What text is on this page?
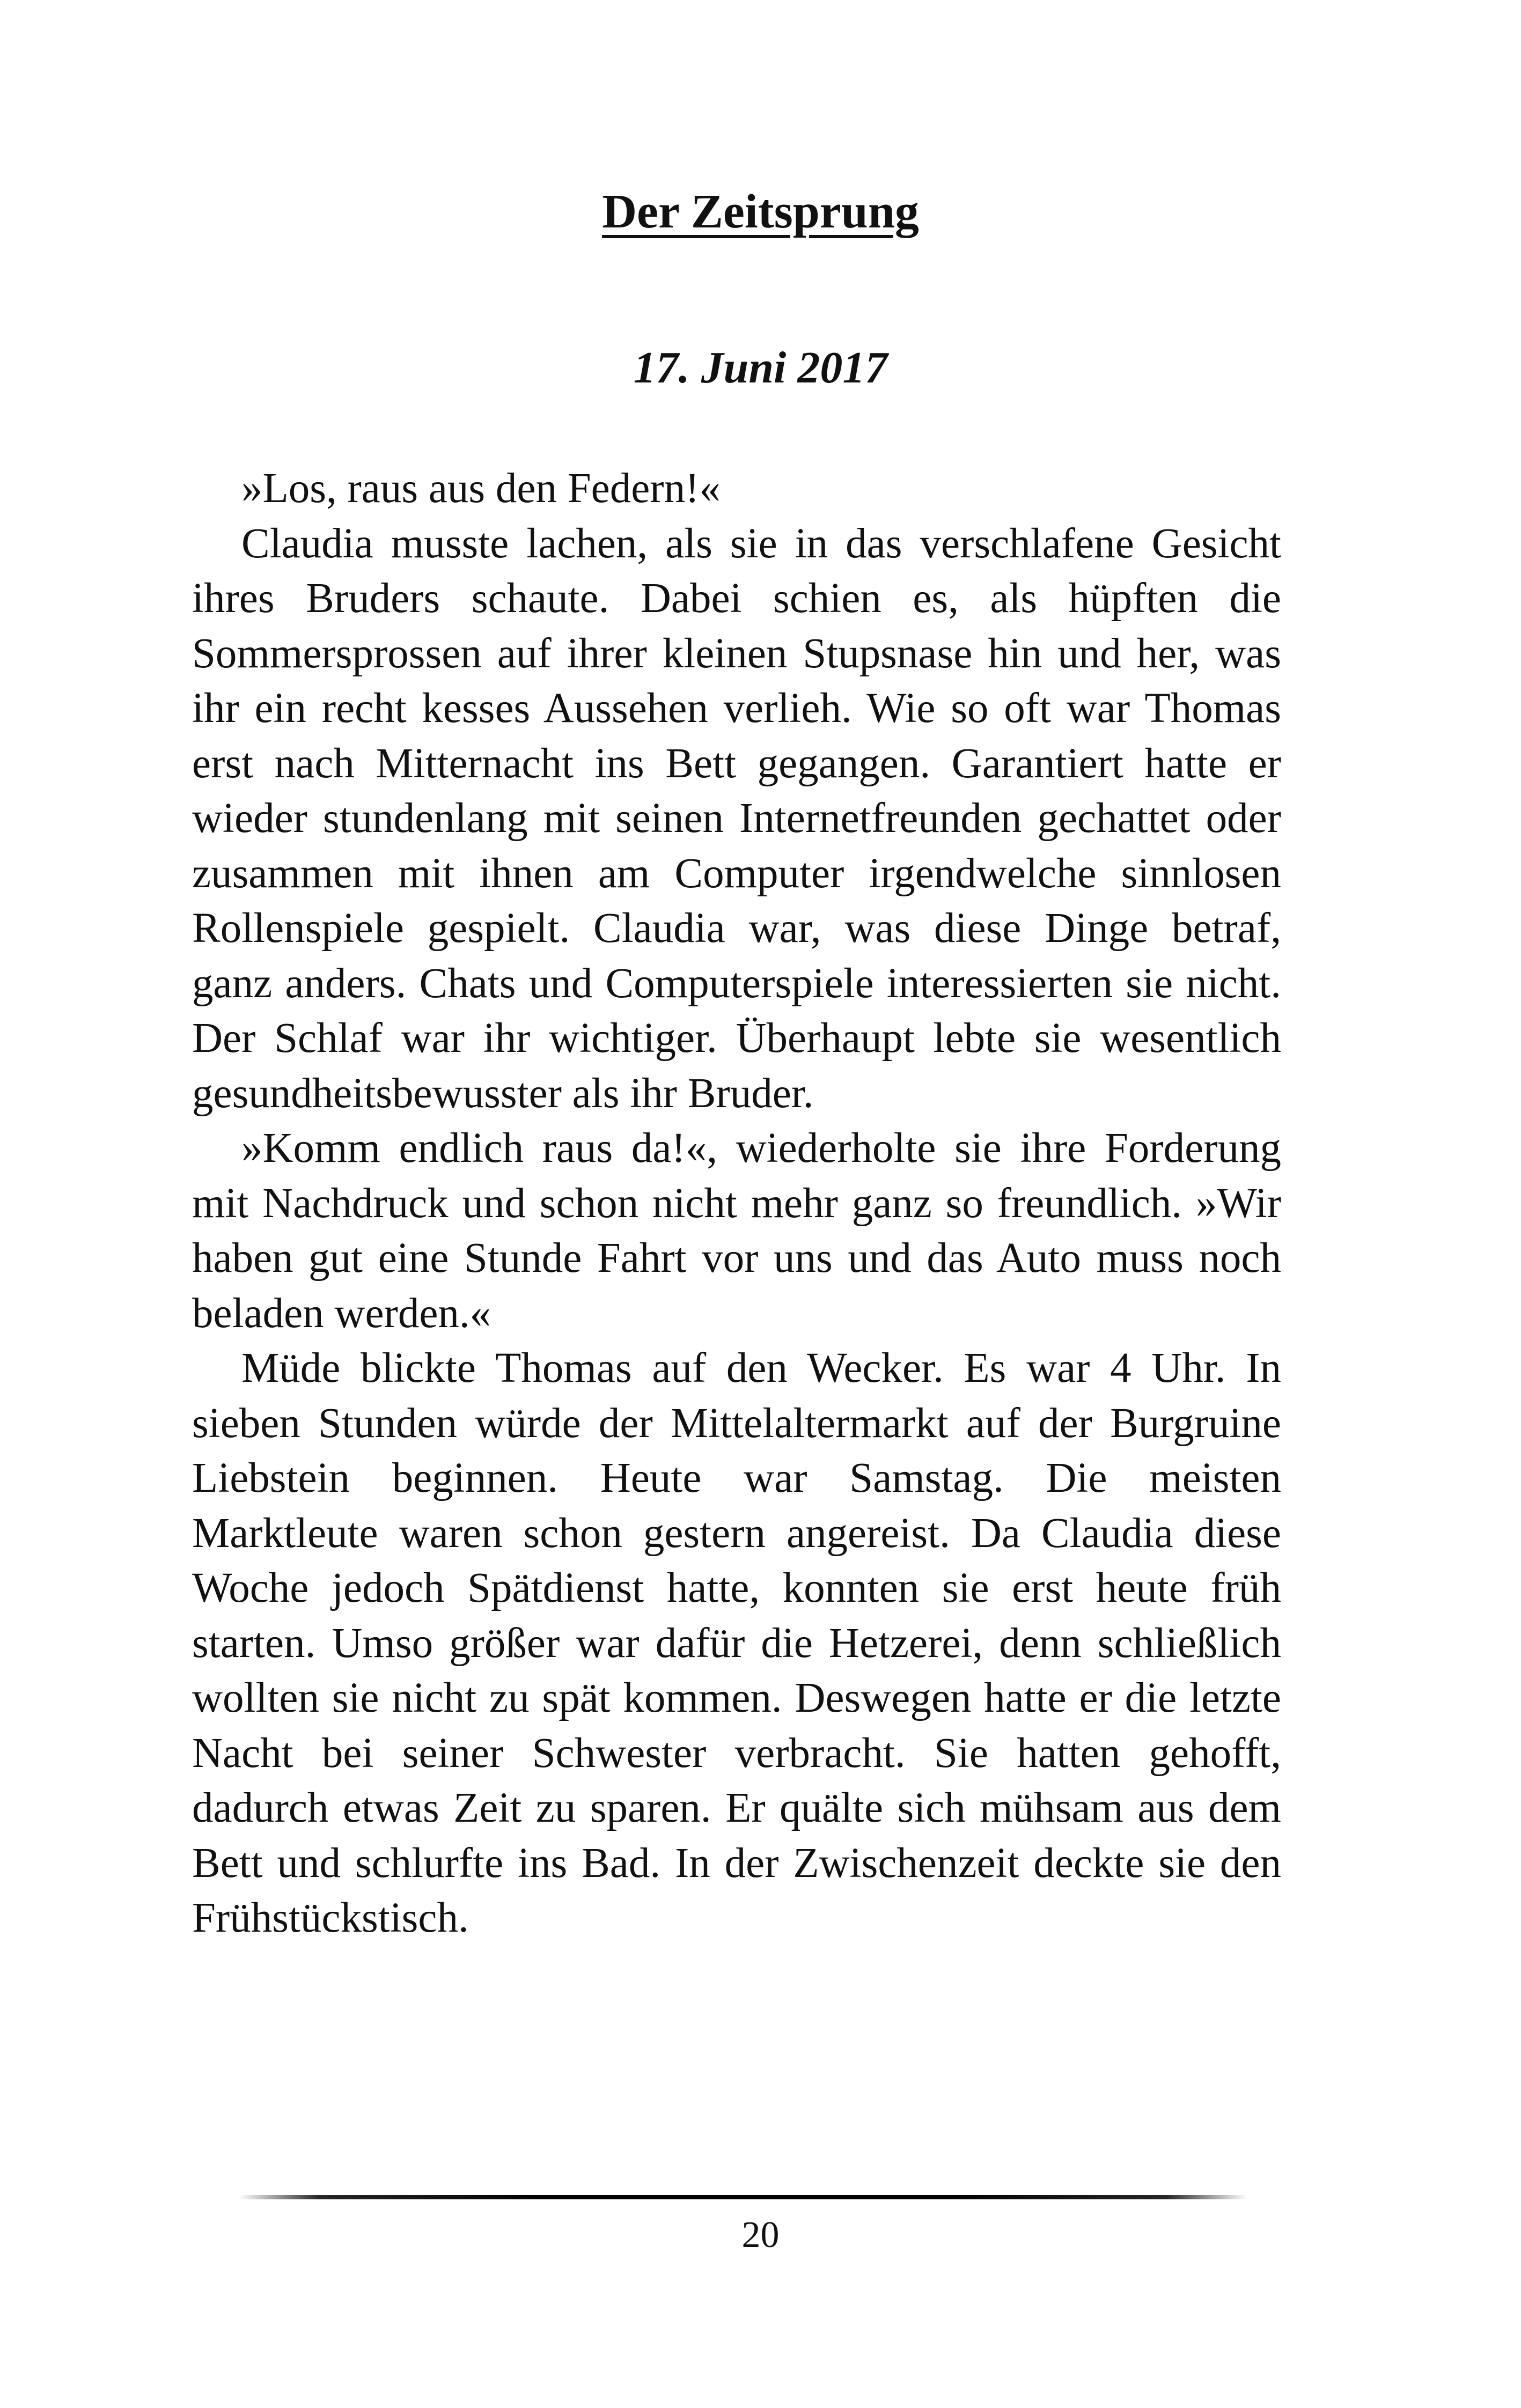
Der Zeitsprung
17. Juni 2017

»Los, raus aus den Federn!«

Claudia musste lachen, als sie in das verschlafene Gesicht ihres Bruders schaute. Dabei schien es, als hüpften die Sommersprossen auf ihrer kleinen Stupsnase hin und her, was ihr ein recht kesses Aussehen verlieh. Wie so oft war Thomas erst nach Mitternacht ins Bett gegangen. Garantiert hatte er wieder stundenlang mit seinen Internetfreunden gechattet oder zusammen mit ihnen am Computer irgendwelche sinnlosen Rollenspiele gespielt. Claudia war, was diese Dinge betraf, ganz anders. Chats und Computerspiele interessierten sie nicht. Der Schlaf war ihr wichtiger. Überhaupt lebte sie wesentlich gesundheitsbewusster als ihr Bruder.

»Komm endlich raus da!«, wiederholte sie ihre Forderung mit Nachdruck und schon nicht mehr ganz so freundlich. »Wir haben gut eine Stunde Fahrt vor uns und das Auto muss noch beladen werden.«

Müde blickte Thomas auf den Wecker. Es war 4 Uhr. In sieben Stunden würde der Mittelaltermarkt auf der Burgruine Liebstein beginnen. Heute war Samstag. Die meisten Marktleute waren schon gestern angereist. Da Claudia diese Woche jedoch Spätdienst hatte, konnten sie erst heute früh starten. Umso größer war dafür die Hetzerei, denn schließlich wollten sie nicht zu spät kommen. Deswegen hatte er die letzte Nacht bei seiner Schwester verbracht. Sie hatten gehofft, dadurch etwas Zeit zu sparen. Er quälte sich mühsam aus dem Bett und schlurfte ins Bad. In der Zwischenzeit deckte sie den Frühstückstisch.

20
